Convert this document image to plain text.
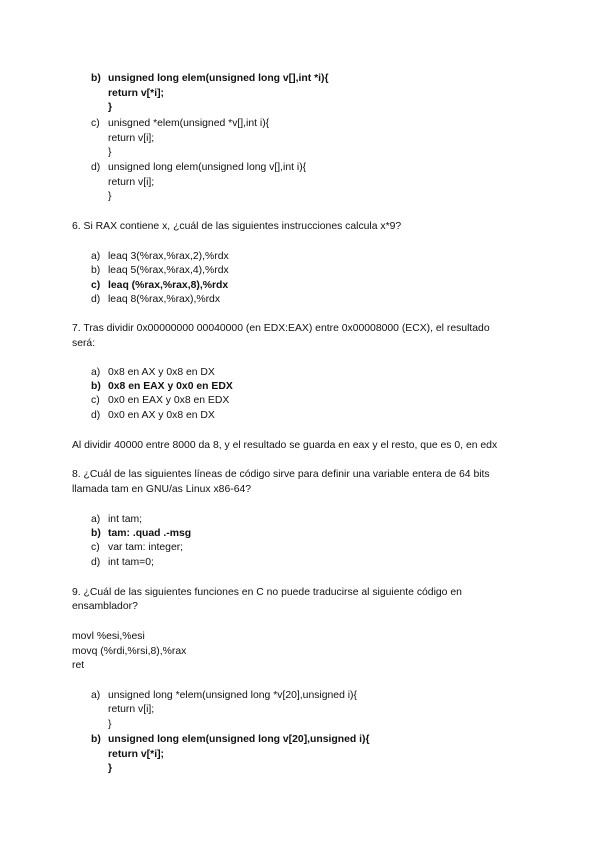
b) unsigned long elem(unsigned long v[],int *i){
return v[*i];
}
c) unisgned *elem(unsigned *v[],int i){
return v[i];
}
d) unsigned long elem(unsigned long v[],int i){
return v[i];
}
6. Si RAX contiene x, ¿cuál de las siguientes instrucciones calcula x*9?
a) leaq 3(%rax,%rax,2),%rdx
b) leaq 5(%rax,%rax,4),%rdx
c) leaq (%rax,%rax,8),%rdx
d) leaq 8(%rax,%rax),%rdx
7. Tras dividir 0x00000000 00040000 (en EDX:EAX) entre 0x00008000 (ECX), el resultado
será:
a) 0x8 en AX y 0x8 en DX
b) 0x8 en EAX y 0x0 en EDX
c) 0x0 en EAX y 0x8 en EDX
d) 0x0 en AX y 0x8 en DX
Al dividir 40000 entre 8000 da 8, y el resultado se guarda en eax y el resto, que es 0, en edx
8. ¿Cuál de las siguientes líneas de código sirve para definir una variable entera de 64 bits
llamada tam en GNU/as Linux x86-64?
a) int tam;
b) tam: .quad .-msg
c) var tam: integer;
d) int tam=0;
9. ¿Cuál de las siguientes funciones en C no puede traducirse al siguiente código en
ensamblador?
movl %esi,%esi
movq (%rdi,%rsi,8),%rax
ret
a) unsigned long *elem(unsigned long *v[20],unsigned i){
return v[i];
}
b) unsigned long elem(unsigned long v[20],unsigned i){
return v[*i];
}
